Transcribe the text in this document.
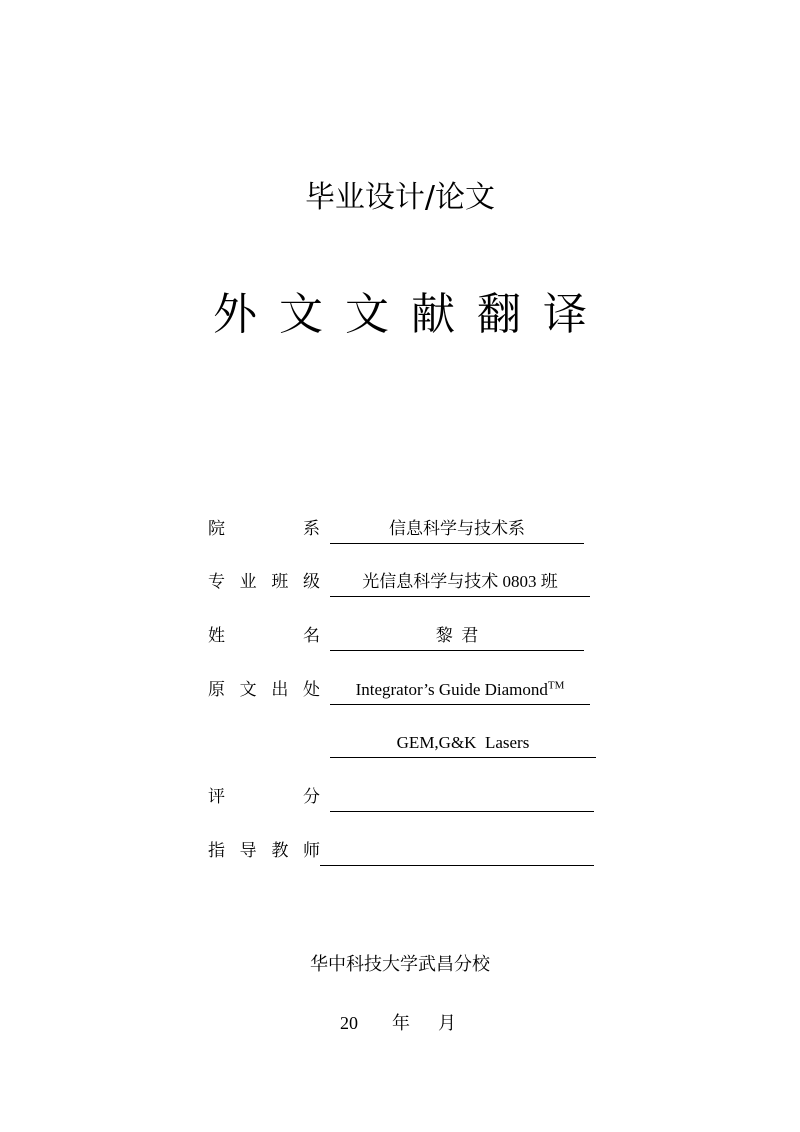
毕业设计/论文
外文文献翻译
院	系	信息科学与技术系
专 业 班 级	光信息科学与技术 0803 班
姓	名	黎  君
原 文 出 处	Integrator’s Guide Diamond™
GEM,G&K  Lasers
评	分
指 导 教 师
华中科技大学武昌分校
20 年 月
